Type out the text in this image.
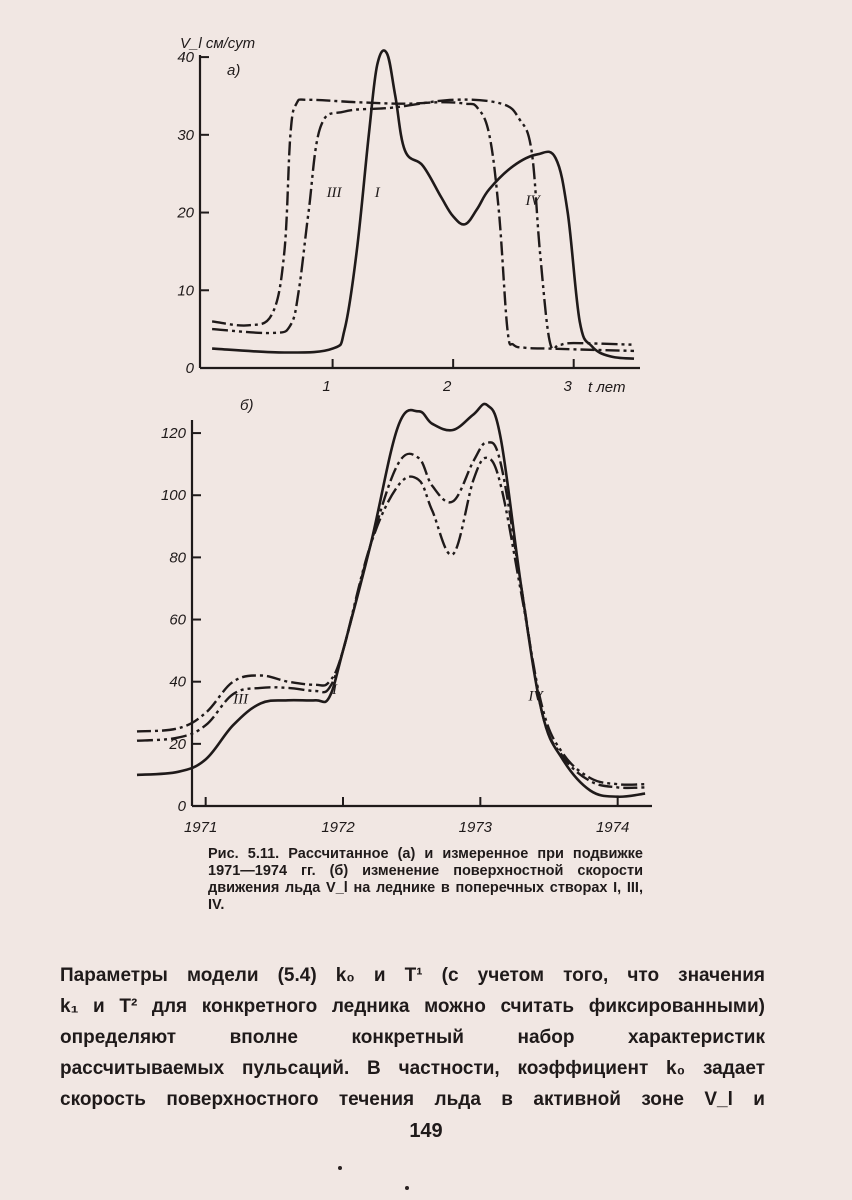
V_l см/сут
а)
t лет
0
10
20
30
40
1	2	3
I
III	IV
б)
0
20
40
60
80
100
120
1971	1972	1973	1974
I
III	IV
Рис. 5.11. Рассчитанное (а) и измеренное при подвижке 1971—1974 гг. (б) изменение поверхностной скорости движения льда V_l на леднике в поперечных створах I, III, IV.

Параметры модели (5.4) k₀ и T¹ (с учетом того, что значения

k₁ и T² для конкретного ледника можно считать фиксированными)

определяют вполне конкретный набор характеристик

рассчитываемых пульсаций. В частности, коэффициент k₀ задает

скорость поверхностного течения льда в активной зоне V_l и

149
